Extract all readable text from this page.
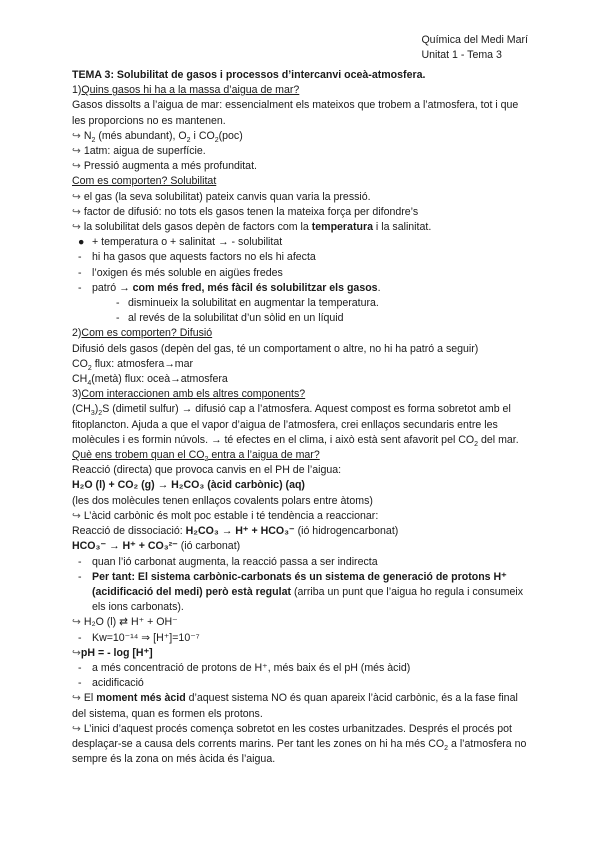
Química del Medi Marí
Unitat 1 - Tema 3
TEMA 3: Solubilitat de gasos i processos d’intercanvi oceà-atmosfera.
1)Quins gasos hi ha a la massa d’aigua de mar?
Gasos dissolts a l’aigua de mar: essencialment els mateixos que trobem a l’atmosfera, tot i que les proporcions no es mantenen.
↪ $N_2$ (més abundant), $O_2$ i $CO_2(poc)$
↪ 1atm: aigua de superfície.
↪ Pressió augmenta a més profunditat.
Com es comporten? Solubilitat
↪ el gas (la seva solubilitat) pateix canvis quan varia la pressió.
↪ factor de difusió: no tots els gasos tenen la mateixa força per difondre’s
↪ la solubilitat dels gasos depèn de factors com la temperatura i la salinitat.
● + temperatura o + salinitat → - solubilitat
- hi ha gasos que aquests factors no els hi afecta
- l’oxigen és més soluble en aigües fredes
- patró → com més fred, més fàcil és solubilitzar els gasos.
- disminueix la solubilitat en augmentar la temperatura.
- al revés de la solubilitat d’un sòlid en un líquid
2)Com es comporten? Difusió
Difusió dels gasos (depèn del gas, té un comportament o altre, no hi ha patró a seguir)
$CO_2$ flux: atmosfera→mar
$CH_4(metà)$ flux: oceà→atmosfera
3)Com interaccionen amb els altres components?
$(CH_3)_2S$ (dimetil sulfur) → difusió cap a l’atmosfera. Aquest compost es forma sobretot amb el fitoplancton. Ajuda a que el vapor d’aigua de l’atmosfera, crei enllaços secundaris entre les molècules i es formin núvols. → té efectes en el clima, i això està sent afavorit pel $CO_2$ del mar.
Què ens trobem quan el $CO_2$ entra a l’aigua de mar?
Reacció (directa) que provoca canvis en el PH de l’aigua:
H₂O (l) + CO₂ (g) → H₂CO₃ (àcid carbònic) (aq)
(les dos molècules tenen enllaços covalents polars entre àtoms)
↪ L’àcid carbònic és molt poc estable i té tendència a reaccionar:
Reacció de dissociació: H₂CO₃ → H⁺ + HCO₃⁻ (ió hidrogencarbonat)
HCO₃⁻ → H⁺ + CO₃²⁻ (ió carbonat)
- quan l’ió carbonat augmenta, la reacció passa a ser indirecta
- Per tant: El sistema carbònic-carbonats és un sistema de generació de protons H⁺ (acidificació del medi) però està regulat (arriba un punt que l’aigua ho regula i consumeix els ions carbonats).
↪ H₂O (l) ⇄ H⁺ + OH⁻
- Kw=10⁻¹⁴ ⇒ [H⁺]=10⁻⁷
↪pH = - log [H⁺]
- a més concentració de protons de H⁺, més baix és el pH (més àcid)
- acidificació
↪ El moment més àcid d’aquest sistema NO és quan apareix l’àcid carbònic, és a la fase final del sistema, quan es formen els protons.
↪ L’inici d’aquest procés comença sobretot en les costes urbanitzades. Després el procés pot desplaçar-se a causa dels corrents marins. Per tant les zones on hi ha més $CO_2$ a l’atmosfera no sempre és la zona on més àcida és l’aigua.
